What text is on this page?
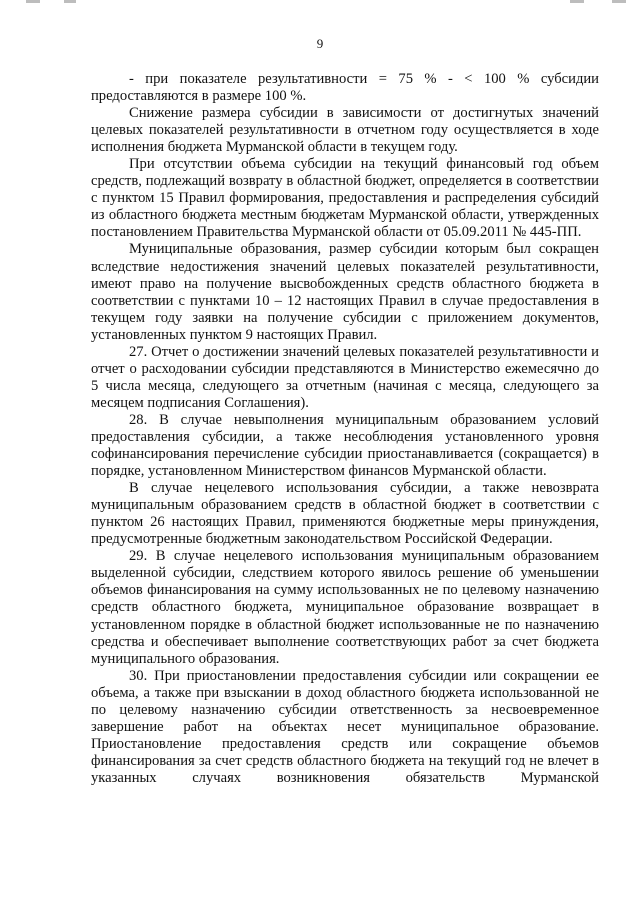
9

- при показателе результативности = 75 % - < 100 % субсидии предоставляются в размере 100 %.

Снижение размера субсидии в зависимости от достигнутых значений целевых показателей результативности в отчетном году осуществляется в ходе исполнения бюджета Мурманской области в текущем году.

При отсутствии объема субсидии на текущий финансовый год объем средств, подлежащий возврату в областной бюджет, определяется в соответствии с пунктом 15 Правил формирования, предоставления и распределения субсидий из областного бюджета местным бюджетам Мурманской области, утвержденных постановлением Правительства Мурманской области от 05.09.2011 № 445-ПП.

Муниципальные образования, размер субсидии которым был сокращен вследствие недостижения значений целевых показателей результативности, имеют право на получение высвобожденных средств областного бюджета в соответствии с пунктами 10 – 12 настоящих Правил в случае предоставления в текущем году заявки на получение субсидии с приложением документов, установленных пунктом 9 настоящих Правил.

27. Отчет о достижении значений целевых показателей результативности и отчет о расходовании субсидии представляются в Министерство ежемесячно до 5 числа месяца, следующего за отчетным (начиная с месяца, следующего за месяцем подписания Соглашения).

28. В случае невыполнения муниципальным образованием условий предоставления субсидии, а также несоблюдения установленного уровня софинансирования перечисление субсидии приостанавливается (сокращается) в порядке, установленном Министерством финансов Мурманской области.

В случае нецелевого использования субсидии, а также невозврата муниципальным образованием средств в областной бюджет в соответствии с пунктом 26 настоящих Правил, применяются бюджетные меры принуждения, предусмотренные бюджетным законодательством Российской Федерации.

29. В случае нецелевого использования муниципальным образованием выделенной субсидии, следствием которого явилось решение об уменьшении объемов финансирования на сумму использованных не по целевому назначению средств областного бюджета, муниципальное образование возвращает в установленном порядке в областной бюджет использованные не по назначению средства и обеспечивает выполнение соответствующих работ за счет бюджета муниципального образования.

30. При приостановлении предоставления субсидии или сокращении ее объема, а также при взыскании в доход областного бюджета использованной не по целевому назначению субсидии ответственность за несвоевременное завершение работ на объектах несет муниципальное образование. Приостановление предоставления средств или сокращение объемов финансирования за счет средств областного бюджета на текущий год не влечет в указанных случаях возникновения обязательств Мурманской
